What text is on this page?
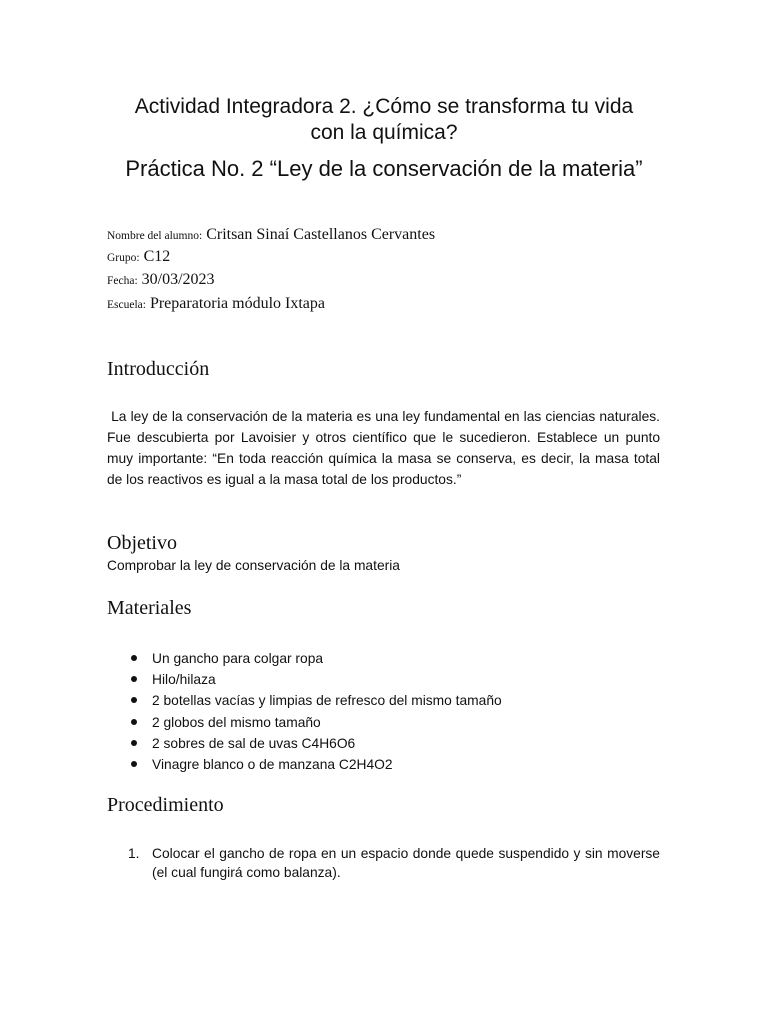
Actividad Integradora 2. ¿Cómo se transforma tu vida
con la química?
Práctica No. 2 “Ley de la conservación de la materia”
Nombre del alumno: Critsan Sinaí Castellanos Cervantes
Grupo: C12
Fecha: 30/03/2023
Escuela: Preparatoria módulo Ixtapa
Introducción

La ley de la conservación de la materia es una ley fundamental en las ciencias naturales. Fue descubierta por Lavoisier y otros científico que le sucedieron. Establece un punto muy importante: “En toda reacción química la masa se conserva, es decir, la masa total de los reactivos es igual a la masa total de los productos.”

Objetivo

Comprobar la ley de conservación de la materia

Materiales
Un gancho para colgar ropa
Hilo/hilaza
2 botellas vacías y limpias de refresco del mismo tamaño
2 globos del mismo tamaño
2 sobres de sal de uvas C4H6O6
Vinagre blanco o de manzana C2H4O2
Procedimiento
1. Colocar el gancho de ropa en un espacio donde quede suspendido y sin moverse (el cual fungirá como balanza).
